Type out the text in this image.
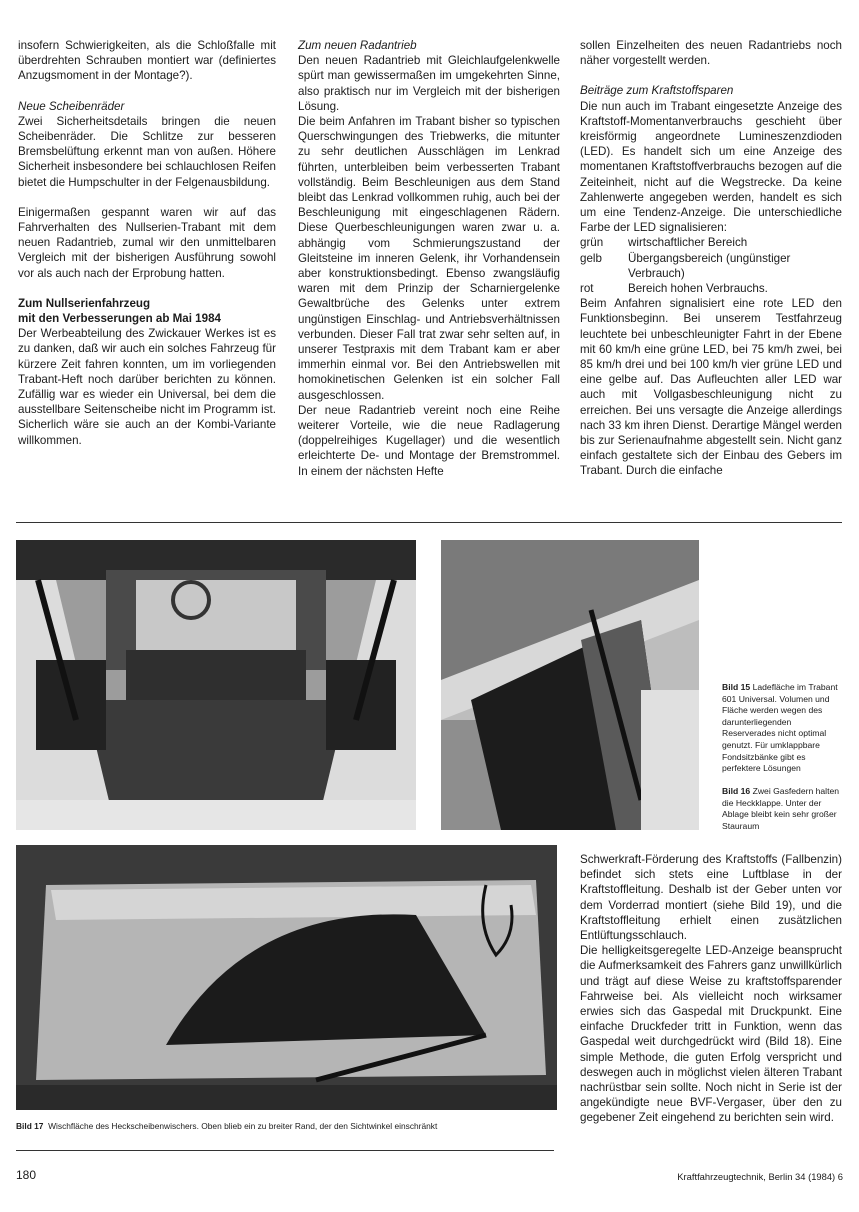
insofern Schwierigkeiten, als die Schloßfalle mit überdrehten Schrauben montiert war (definiertes Anzugsmoment in der Montage?).

Neue Scheibenräder

Zwei Sicherheitsdetails bringen die neuen Scheibenräder. Die Schlitze zur besseren Bremsbelüftung erkennt man von außen. Höhere Sicherheit insbesondere bei schlauchlosen Reifen bietet die Humpschulter in der Felgenausbildung.

Einigermaßen gespannt waren wir auf das Fahrverhalten des Nullserien-Trabant mit dem neuen Radantrieb, zumal wir den unmittelbaren Vergleich mit der bisherigen Ausführung sowohl vor als auch nach der Erprobung hatten.

Zum Nullserienfahrzeug

mit den Verbesserungen ab Mai 1984

Der Werbeabteilung des Zwickauer Werkes ist es zu danken, daß wir auch ein solches Fahrzeug für kürzere Zeit fahren konnten, um im vorliegenden Trabant-Heft noch darüber berichten zu können. Zufällig war es wieder ein Universal, bei dem die ausstellbare Seitenscheibe nicht im Programm ist. Sicherlich wäre sie auch an der Kombi-Variante willkommen.

Zum neuen Radantrieb

Den neuen Radantrieb mit Gleichlaufgelenkwelle spürt man gewissermaßen im umgekehrten Sinne, also praktisch nur im Vergleich mit der bisherigen Lösung.

Die beim Anfahren im Trabant bisher so typischen Querschwingungen des Triebwerks, die mitunter zu sehr deutlichen Ausschlägen im Lenkrad führten, unterbleiben beim verbesserten Trabant vollständig. Beim Beschleunigen aus dem Stand bleibt das Lenkrad vollkommen ruhig, auch bei der Beschleunigung mit eingeschlagenen Rädern. Diese Querbeschleunigungen waren zwar u. a. abhängig vom Schmierungszustand der Gleitsteine im inneren Gelenk, ihr Vorhandensein aber konstruktionsbedingt. Ebenso zwangsläufig waren mit dem Prinzip der Scharniergelenke Gewaltbrüche des Gelenks unter extrem ungünstigen Einschlag- und Antriebsverhältnissen verbunden. Dieser Fall trat zwar sehr selten auf, in unserer Testpraxis mit dem Trabant kam er aber immerhin einmal vor. Bei den Antriebswellen mit homokinetischen Gelenken ist ein solcher Fall ausgeschlossen.

Der neue Radantrieb vereint noch eine Reihe weiterer Vorteile, wie die neue Radlagerung (doppelreihiges Kugellager) und die wesentlich erleichterte De- und Montage der Bremstrommel. In einem der nächsten Hefte

sollen Einzelheiten des neuen Radantriebs noch näher vorgestellt werden.

Beiträge zum Kraftstoffsparen

Die nun auch im Trabant eingesetzte Anzeige des Kraftstoff-Momentanverbrauchs geschieht über kreisförmig angeordnete Lumineszenzdioden (LED). Es handelt sich um eine Anzeige des momentanen Kraftstoffverbrauchs bezogen auf die Zeiteinheit, nicht auf die Wegstrecke. Da keine Zahlenwerte angegeben werden, handelt es sich um eine Tendenz-Anzeige. Die unterschiedliche Farbe der LED signalisieren:

grün	wirtschaftlicher Bereich
gelb	Übergangsbereich (ungünstiger Verbrauch)
rot	Bereich hohen Verbrauchs.

Beim Anfahren signalisiert eine rote LED den Funktionsbeginn. Bei unserem Testfahrzeug leuchtete bei unbeschleunigter Fahrt in der Ebene mit 60 km/h eine grüne LED, bei 75 km/h zwei, bei 85 km/h drei und bei 100 km/h vier grüne LED und eine gelbe auf. Das Aufleuchten aller LED war auch mit Vollgasbeschleunigung nicht zu erreichen. Bei uns versagte die Anzeige allerdings nach 33 km ihren Dienst. Derartige Mängel werden bis zur Serienaufnahme abgestellt sein. Nicht ganz einfach gestaltete sich der Einbau des Gebers im Trabant. Durch die einfache

Bild 15 Ladefläche im Trabant 601 Universal. Volumen und Fläche werden wegen des darunterliegenden Reserverades nicht optimal genutzt. Für umklappbare Fondsitzbänke gibt es perfektere Lösungen
Bild 16 Zwei Gasfedern halten die Heckklappe. Unter der Ablage bleibt kein sehr großer Stauraum
Bild 17 Wischfläche des Heckscheibenwischers. Oben blieb ein zu breiter Rand, der den Sichtwinkel einschränkt

Schwerkraft-Förderung des Kraftstoffs (Fallbenzin) befindet sich stets eine Luftblase in der Kraftstoffleitung. Deshalb ist der Geber unten vor dem Vorderrad montiert (siehe Bild 19), und die Kraftstoffleitung erhielt einen zusätzlichen Entlüftungsschlauch.

Die helligkeitsgeregelte LED-Anzeige beansprucht die Aufmerksamkeit des Fahrers ganz unwillkürlich und trägt auf diese Weise zu kraftstoffsparender Fahrweise bei. Als vielleicht noch wirksamer erwies sich das Gaspedal mit Druckpunkt. Eine einfache Druckfeder tritt in Funktion, wenn das Gaspedal weit durchgedrückt wird (Bild 18). Eine simple Methode, die guten Erfolg verspricht und deswegen auch in möglichst vielen älteren Trabant nachrüstbar sein sollte. Noch nicht in Serie ist der angekündigte neue BVF-Vergaser, über den zu gegebener Zeit eingehend zu berichten sein wird.

180	Kraftfahrzeugtechnik, Berlin 34 (1984) 6
